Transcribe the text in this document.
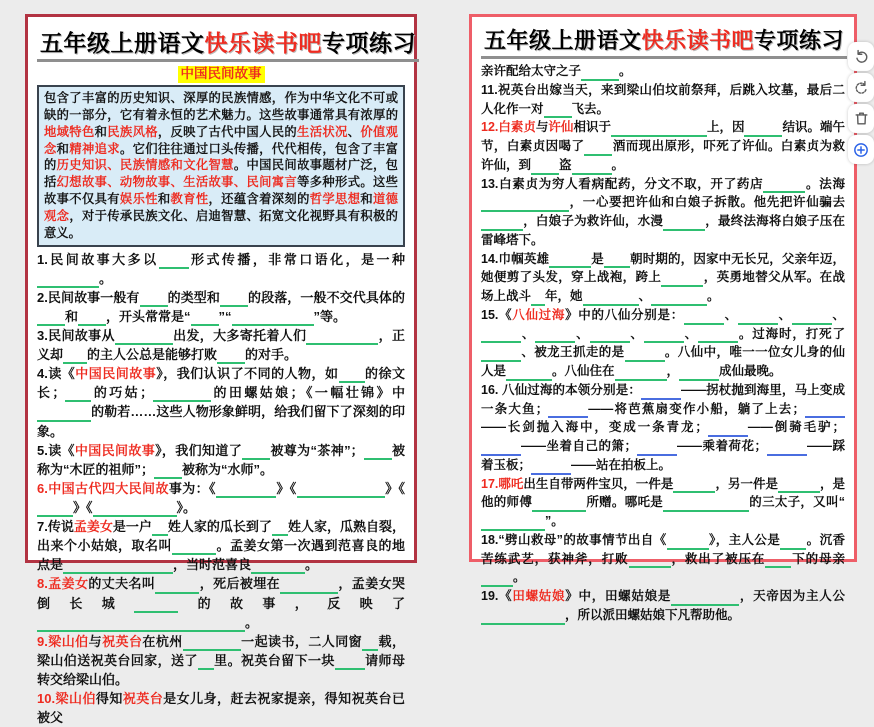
五年级上册语文快乐读书吧专项练习
中国民间故事
包含了丰富的历史知识、深厚的民族情感，作为中华文化不可或缺的一部分，它有着永恒的艺术魅力。这些故事通常具有浓厚的地域特色和民族风格，反映了古代中国人民的生活状况、价值观念和精神追求。它们往往通过口头传播，代代相传，包含了丰富的历史知识、民族情感和文化智慧。中国民间故事题材广泛，包括幻想故事、动物故事、生活故事、民间寓言等多种形式。这些故事不仅具有娱乐性和教育性，还蕴含着深刻的哲学思想和道德观念，对于传承民族文化、启迪智慧、拓宽文化视野具有积极的意义。

1.民间故事大多以 形式传播，非常口语化，是一种。

2.民间故事一般有 的类型和 的段落，一般不交代具体的和 ，开头常常是“ ”“	”等。

3.民间故事从	出发，大多寄托着人们	，正义却 的主人公总是能够打败 的对手。

4.读《中国民间故事》，我们认识了不同的人物，如 的徐文长； 的巧姑；	的田螺姑娘；《一幅壮锦》中的勒若……这些人物形象鲜明，给我们留下了深刻的印象。

5.读《中国民间故事》，我们知道了 被尊为“茶神”； 被称为“木匠的祖师”； 被称为“水师”。

6.中国古代四大民间故事为：《	》《	》《》《	》。

7.传说孟姜女是一户 姓人家的瓜长到了 姓人家，瓜熟自裂，出来个小姑娘，取名叫	。孟姜女第一次遇到范喜良的地点是	，当时范喜良	。

8.孟姜女的丈夫名叫	，死后被埋在	，孟姜女哭倒长城	的故事，反映了。

9.梁山伯与祝英台在杭州	一起读书，二人同窗 载，梁山伯送祝英台回家，送了 里。祝英台留下一块 请师母转交给梁山伯。

10.梁山伯得知祝英台是女儿身，赶去祝家提亲，得知祝英台已被父

五年级上册语文快乐读书吧专项练习

亲许配给太守之子	。

11.祝英台出嫁当天，来到梁山伯坟前祭拜，后跳入坟墓，最后二人化作一对 飞去。

12.白素贞与许仙相识于	上，因	结识。端午节，白素贞因喝了 酒而现出原形，吓死了许仙。白素贞为救许仙，到 盗	。

13.白素贞为穷人看病配药，分文不取，开了药店	。法海，一心要把许仙和白娘子拆散。他先把许仙骗去，白娘子为救许仙，水漫	，最终法海将白娘子压在雷峰塔下。

14.巾帼英雄	是 朝时期的，因家中无长兄，父亲年迈，她便剪了头发，穿上战袍，跨上	，英勇地替父从军。在战场上战斗 年，她	、	。

15.《八仙过海》中的八仙分别是：	、	、	、、	、	、	、	。过海时，打死了、被龙王抓走的是	。八仙中，唯一一位女儿身的仙人是	。八仙住在	，	成仙最晚。

16. 八仙过海的本领分别是：	——拐杖抛到海里，马上变成一条大鱼；	——将芭蕉扇变作小船，躺了上去；——长剑抛入海中，变成一条青龙；	——倒骑毛驴；——坐着自己的箫；	——乘着荷花；	——踩着玉板；	——站在拍板上。

17.哪吒出生自带两件宝贝，一件是	，另一件是	，是他的师傅	所赠。哪吒是	的三太子，又叫“”。

18.“劈山救母”的故事情节出自《	》，主人公是 。沉香苦练武艺，获神斧，打败	，救出了被压在 下的母亲。

19.《田螺姑娘》中，田螺姑娘是	，天帝因为主人公，所以派田螺姑娘下凡帮助他。
